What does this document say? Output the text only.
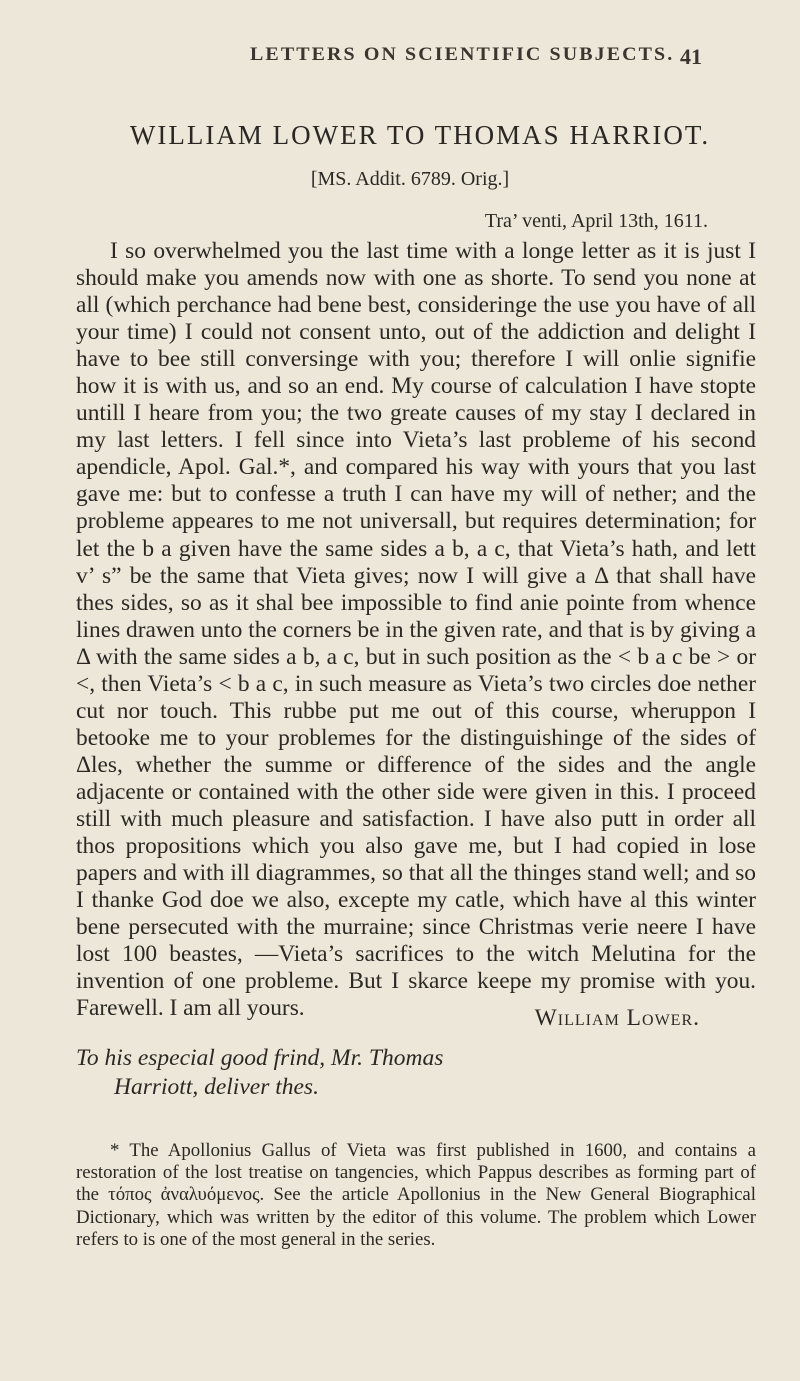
LETTERS ON SCIENTIFIC SUBJECTS. 41
WILLIAM LOWER TO THOMAS HARRIOT.
[MS. Addit. 6789. Orig.]
Tra’ venti, April 13th, 1611.

I so overwhelmed you the last time with a longe letter as it is just I should make you amends now with one as shorte. To send you none at all (which perchance had bene best, consideringe the use you have of all your time) I could not consent unto, out of the addiction and delight I have to bee still conversinge with you; therefore I will onlie signifie how it is with us, and so an end. My course of calculation I have stopte untill I heare from you; the two greate causes of my stay I declared in my last letters. I fell since into Vieta’s last probleme of his second apendicle, Apol. Gal.*, and compared his way with yours that you last gave me: but to confesse a truth I can have my will of nether; and the probleme appeares to me not universall, but requires determination; for let the b a given have the same sides a b, a c, that Vieta’s hath, and lett v’ s” be the same that Vieta gives; now I will give a Δ that shall have thes sides, so as it shal bee impossible to find anie pointe from whence lines drawen unto the corners be in the given rate, and that is by giving a Δ with the same sides a b, a c, but in such position as the < b a c be > or <, then Vieta’s < b a c, in such measure as Vieta’s two circles doe nether cut nor touch. This rubbe put me out of this course, wheruppon I betooke me to your problemes for the distinguishinge of the sides of Δles, whether the summe or difference of the sides and the angle adjacente or contained with the other side were given in this. I proceed still with much pleasure and satisfaction. I have also putt in order all thos propositions which you also gave me, but I had copied in lose papers and with ill diagrammes, so that all the thinges stand well; and so I thanke God doe we also, excepte my catle, which have al this winter bene persecuted with the murraine; since Christmas verie neere I have lost 100 beastes, —Vieta’s sacrifices to the witch Melutina for the invention of one probleme. But I skarce keepe my promise with you. Farewell. I am all yours.	William Lower.
To his especial good frind, Mr. Thomas
Harriott, deliver thes.

* The Apollonius Gallus of Vieta was first published in 1600, and contains a restoration of the lost treatise on tangencies, which Pappus describes as forming part of the τόπος ἀναλυόμενος. See the article Apollonius in the New General Biographical Dictionary, which was written by the editor of this volume. The problem which Lower refers to is one of the most general in the series.
